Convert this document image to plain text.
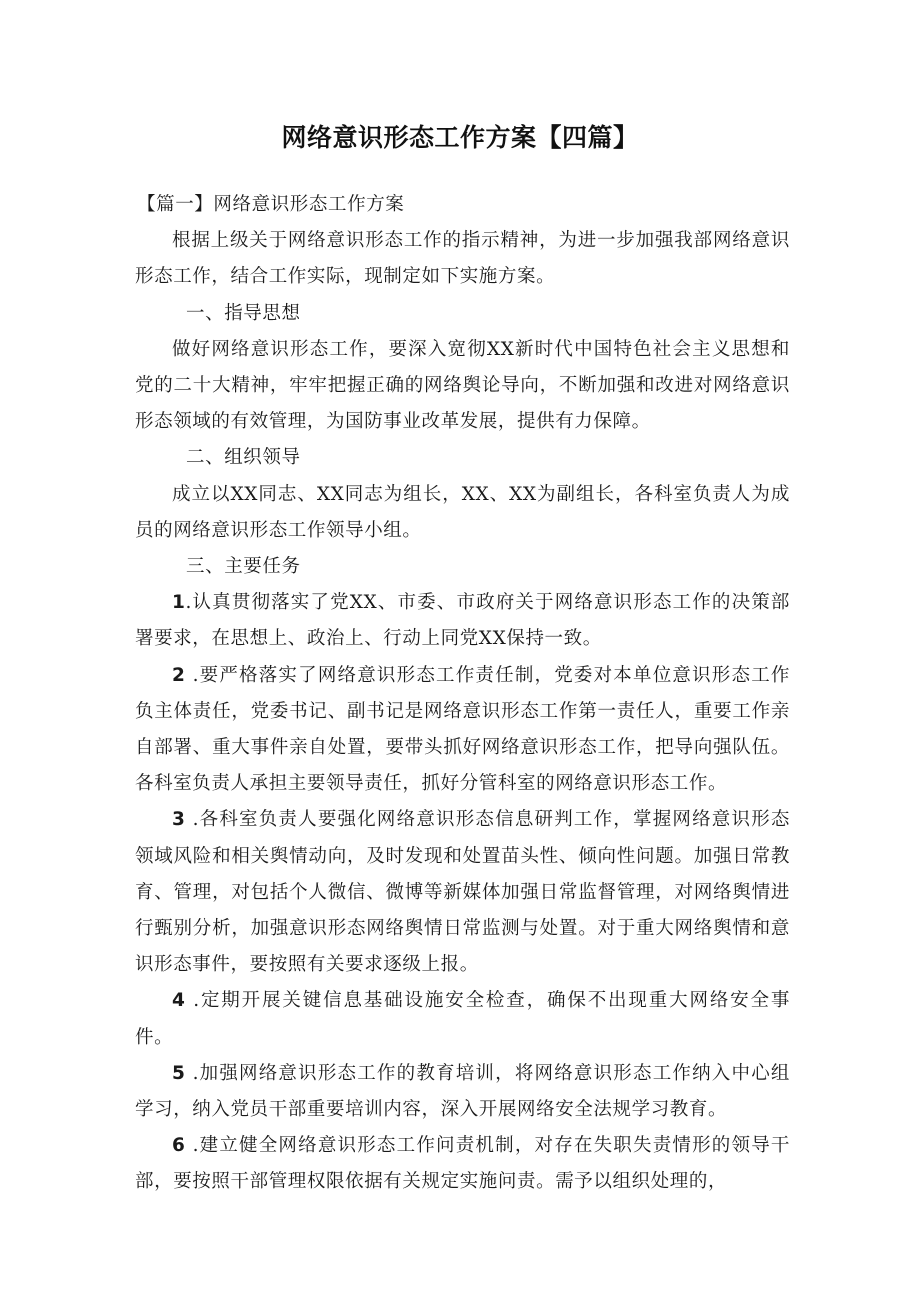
网络意识形态工作方案【四篇】

【篇一】网络意识形态工作方案

根据上级关于网络意识形态工作的指示精神，为进一步加强我部网络意识形态工作，结合工作实际，现制定如下实施方案。

一、指导思想

做好网络意识形态工作，要深入宽彻XX新时代中国特色社会主义思想和党的二十大精神，牢牢把握正确的网络舆论导向，不断加强和改进对网络意识形态领域的有效管理，为国防事业改革发展，提供有力保障。

二、组织领导

成立以XX同志、XX同志为组长，XX、XX为副组长，各科室负责人为成员的网络意识形态工作领导小组。

三、主要任务

1.认真贯彻落实了党XX、市委、市政府关于网络意识形态工作的决策部署要求，在思想上、政治上、行动上同党XX保持一致。

2 .要严格落实了网络意识形态工作责任制，党委对本单位意识形态工作负主体责任，党委书记、副书记是网络意识形态工作第一责任人，重要工作亲自部署、重大事件亲自处置，要带头抓好网络意识形态工作，把导向强队伍。各科室负责人承担主要领导责任，抓好分管科室的网络意识形态工作。

3 .各科室负责人要强化网络意识形态信息研判工作，掌握网络意识形态领域风险和相关舆情动向，及时发现和处置苗头性、倾向性问题。加强日常教育、管理，对包括个人微信、微博等新媒体加强日常监督管理，对网络舆情进行甄别分析，加强意识形态网络舆情日常监测与处置。对于重大网络舆情和意识形态事件，要按照有关要求逐级上报。

4 .定期开展关键信息基础设施安全检查，确保不出现重大网络安全事件。

5 .加强网络意识形态工作的教育培训，将网络意识形态工作纳入中心组学习，纳入党员干部重要培训内容，深入开展网络安全法规学习教育。

6 .建立健全网络意识形态工作问责机制，对存在失职失责情形的领导干部，要按照干部管理权限依据有关规定实施问责。需予以组织处理的，
